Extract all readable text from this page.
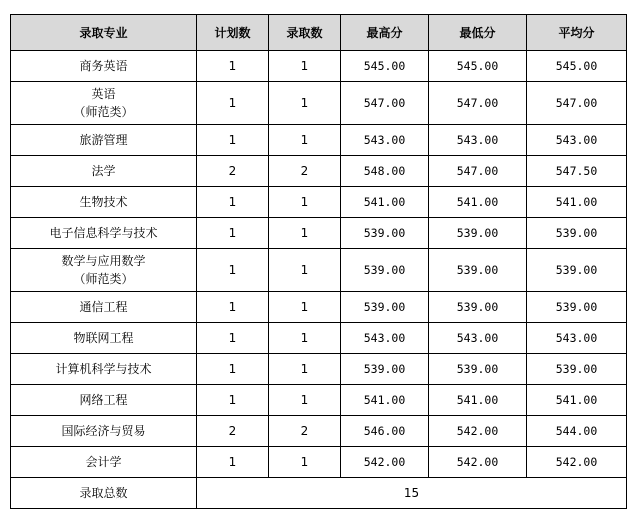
录取专业	计划数	录取数	最高分	最低分	平均分
商务英语	1	1	545.00	545.00	545.00
英语
（师范类）	1	1	547.00	547.00	547.00
旅游管理	1	1	543.00	543.00	543.00
法学	2	2	548.00	547.00	547.50
生物技术	1	1	541.00	541.00	541.00
电子信息科学与技术	1	1	539.00	539.00	539.00
数学与应用数学
（师范类）	1	1	539.00	539.00	539.00
通信工程	1	1	539.00	539.00	539.00
物联网工程	1	1	543.00	543.00	543.00
计算机科学与技术	1	1	539.00	539.00	539.00
网络工程	1	1	541.00	541.00	541.00
国际经济与贸易	2	2	546.00	542.00	544.00
会计学	1	1	542.00	542.00	542.00
录取总数	15				
